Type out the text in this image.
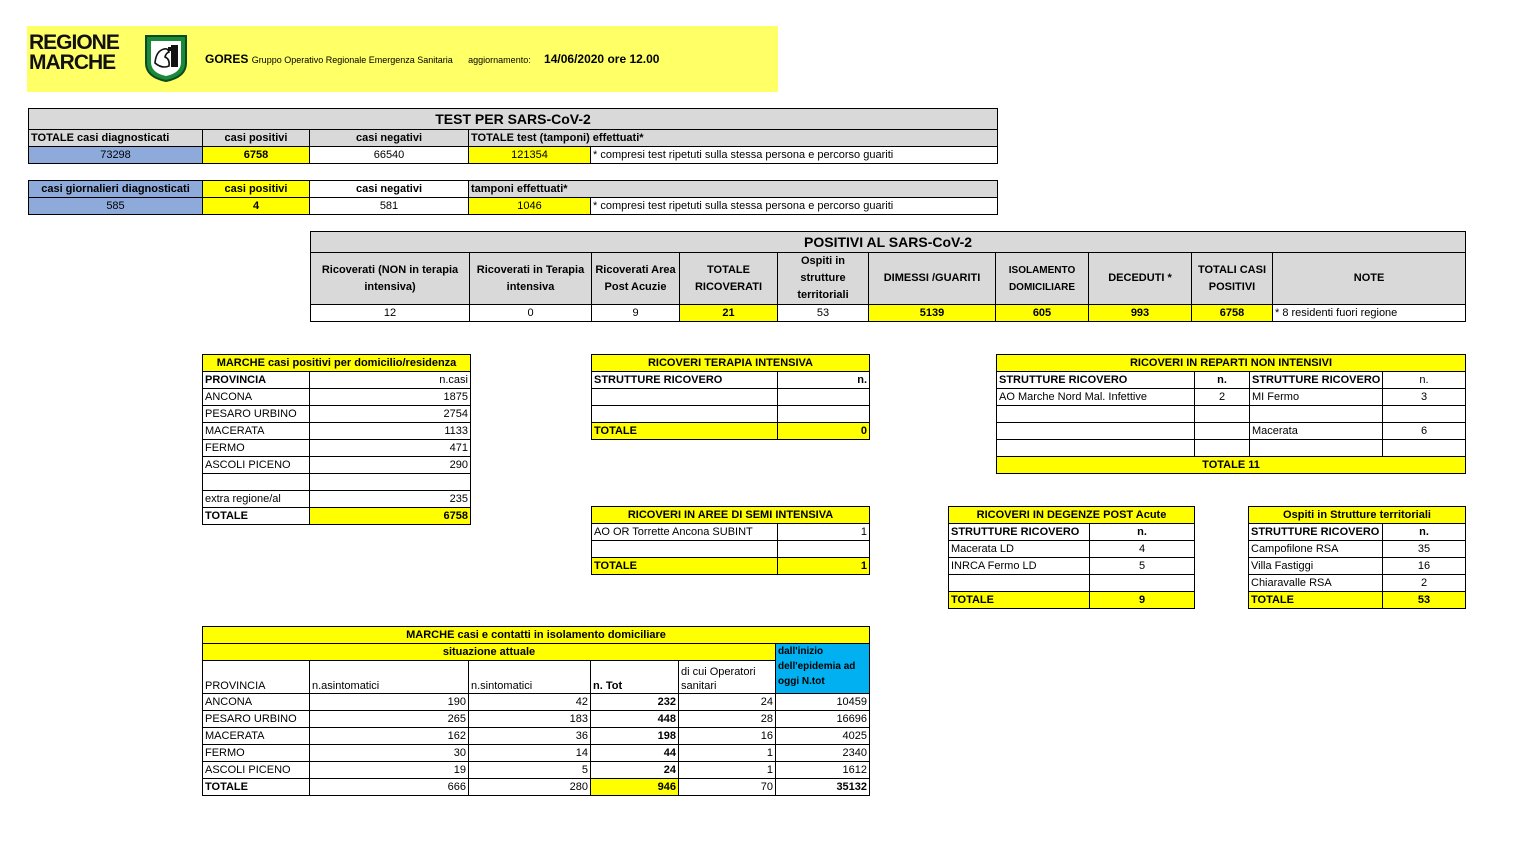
REGIONE
MARCHE	GORES Gruppo Operativo Regionale Emergenza Sanitaria aggiornamento: 14/06/2020 ore 12.00
TEST PER SARS-CoV-2				
TOTALE casi diagnosticati	casi positivi	casi negativi	TOTALE test (tamponi) effettuati*	
73298	6758	66540	121354	* compresi test ripetuti sulla stessa persona e percorso guariti
casi giornalieri diagnosticati	casi positivi	casi negativi	tamponi effettuati*	
585	4	581	1046	* compresi test ripetuti sulla stessa persona e percorso guariti
POSITIVI AL SARS-CoV-2									
Ricoverati (NON in terapia intensiva)	Ricoverati in Terapia intensiva	Ricoverati Area Post Acuzie	TOTALE RICOVERATI	Ospiti in strutture territoriali	DIMESSI /GUARITI	ISOLAMENTO DOMICILIARE	DECEDUTI *	TOTALI CASI POSITIVI	NOTE
12	0	9	21	53	5139	605	993	6758	* 8 residenti fuori regione
MARCHE casi positivi per domicilio/residenza	
PROVINCIA	n.casi
ANCONA	1875
PESARO URBINO	2754
MACERATA	1133
FERMO	471
ASCOLI PICENO	290

extra regione/al	235
TOTALE	6758
RICOVERI TERAPIA INTENSIVA	
STRUTTURE RICOVERO	n.

TOTALE	0
RICOVERI IN REPARTI NON INTENSIVI			
STRUTTURE RICOVERO	n.	STRUTTURE RICOVERO	n.
AO Marche Nord Mal. Infettive	2	MI Fermo	3

		Macerata	6

TOTALE 11			
RICOVERI IN AREE DI SEMI INTENSIVA	
AO OR Torrette Ancona SUBINT	1

TOTALE	1
RICOVERI IN DEGENZE POST Acute	
STRUTTURE RICOVERO	n.
Macerata LD	4
INRCA Fermo LD	5

TOTALE	9
Ospiti in Strutture territoriali	
STRUTTURE RICOVERO	n.
Campofilone RSA	35
Villa Fastiggi	16
Chiaravalle RSA	2
TOTALE	53
MARCHE casi e contatti in isolamento domiciliare					
situazione attuale					dall'inizio dell'epidemia ad oggi N.tot
PROVINCIA	n.asintomatici	n.sintomatici	n. Tot	di cui Operatori sanitari	
ANCONA	190	42	232	24	10459
PESARO URBINO	265	183	448	28	16696
MACERATA	162	36	198	16	4025
FERMO	30	14	44	1	2340
ASCOLI PICENO	19	5	24	1	1612
TOTALE	666	280	946	70	35132
